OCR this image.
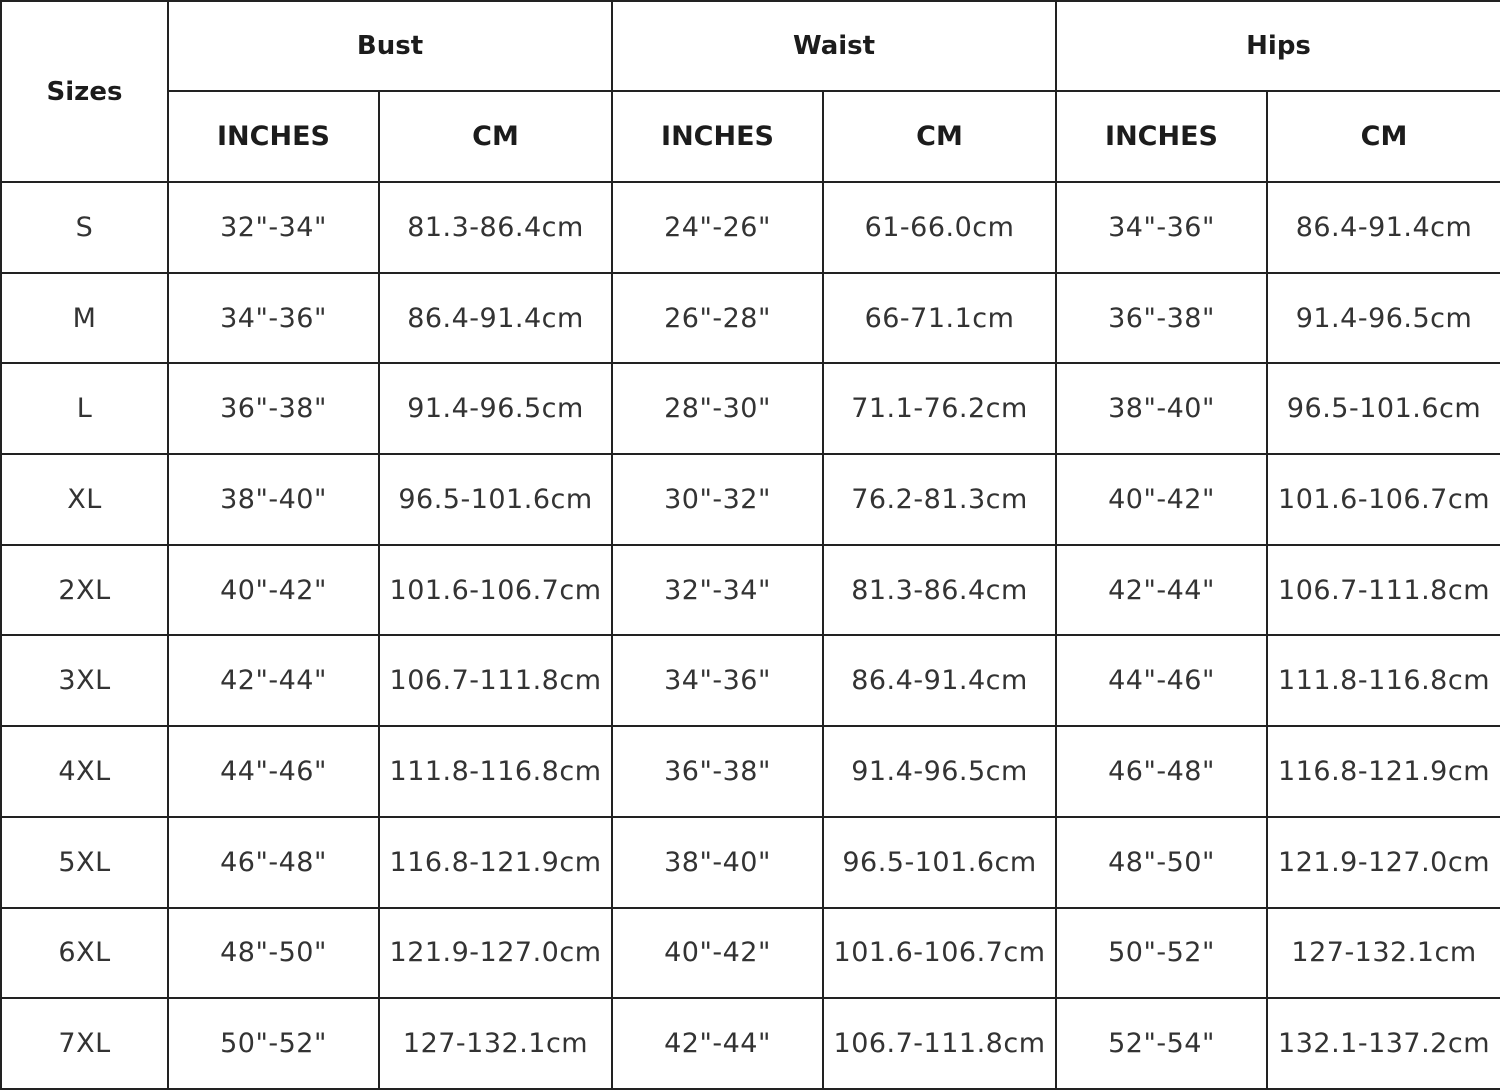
Sizes	Bust		Waist		Hips	
	INCHES	CM	INCHES	CM	INCHES	CM
S	32"-34"	81.3-86.4cm	24"-26"	61-66.0cm	34"-36"	86.4-91.4cm
M	34"-36"	86.4-91.4cm	26"-28"	66-71.1cm	36"-38"	91.4-96.5cm
L	36"-38"	91.4-96.5cm	28"-30"	71.1-76.2cm	38"-40"	96.5-101.6cm
XL	38"-40"	96.5-101.6cm	30"-32"	76.2-81.3cm	40"-42"	101.6-106.7cm
2XL	40"-42"	101.6-106.7cm	32"-34"	81.3-86.4cm	42"-44"	106.7-111.8cm
3XL	42"-44"	106.7-111.8cm	34"-36"	86.4-91.4cm	44"-46"	111.8-116.8cm
4XL	44"-46"	111.8-116.8cm	36"-38"	91.4-96.5cm	46"-48"	116.8-121.9cm
5XL	46"-48"	116.8-121.9cm	38"-40"	96.5-101.6cm	48"-50"	121.9-127.0cm
6XL	48"-50"	121.9-127.0cm	40"-42"	101.6-106.7cm	50"-52"	127-132.1cm
7XL	50"-52"	127-132.1cm	42"-44"	106.7-111.8cm	52"-54"	132.1-137.2cm
